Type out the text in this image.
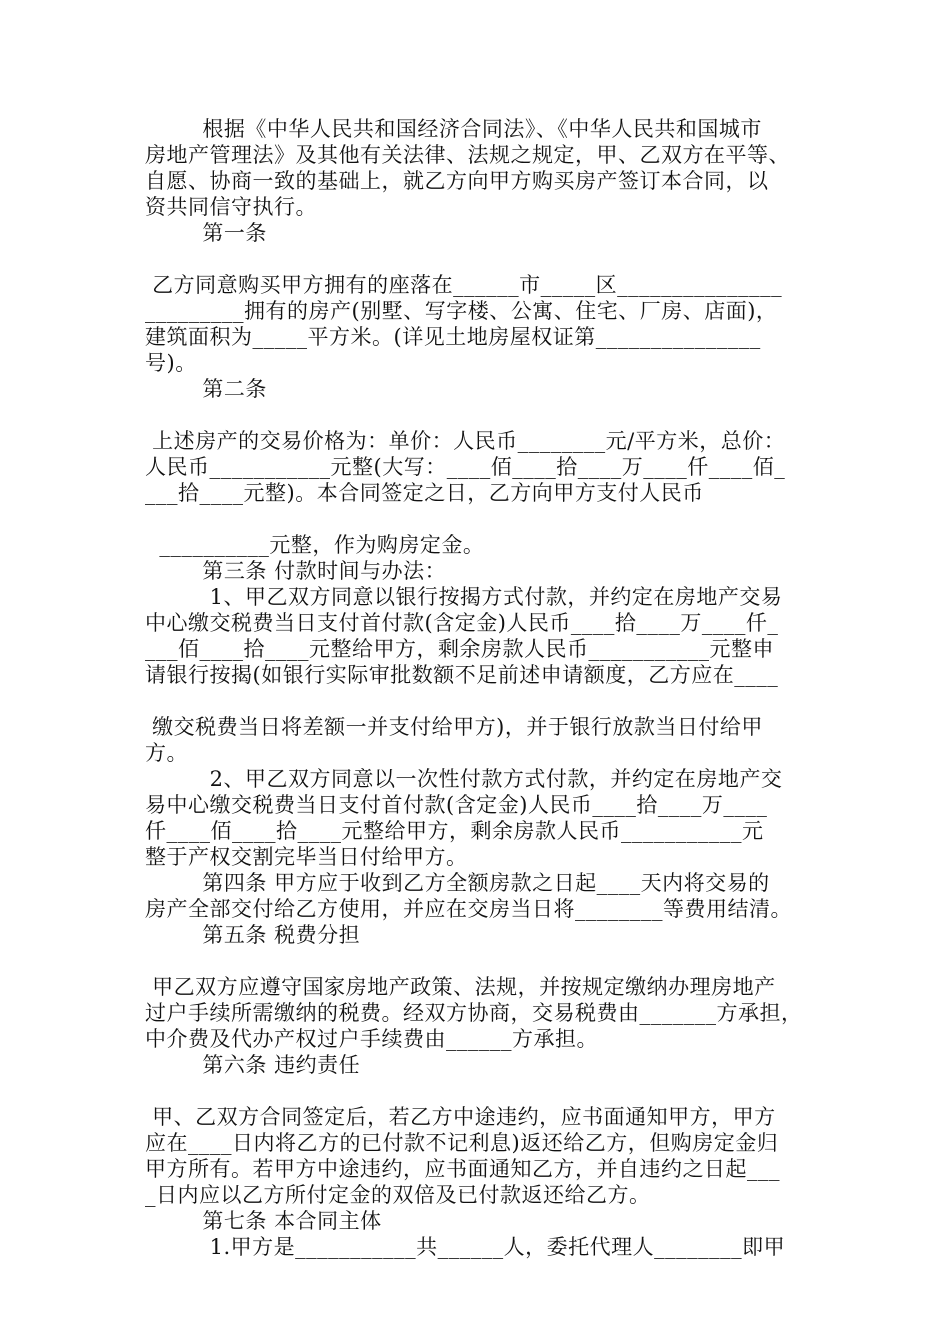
根据《中华人民共和国经济合同法》、《中华人民共和国城市
房地产管理法》及其他有关法律、法规之规定，甲、乙双方在平等、
自愿、协商一致的基础上，就乙方向甲方购买房产签订本合同，以
资共同信守执行。
第一条
乙方同意购买甲方拥有的座落在______市_____区_______________
_________拥有的房产(别墅、写字楼、公寓、住宅、厂房、店面)，
建筑面积为_____平方米。(详见土地房屋权证第_______________
号)。
第二条
上述房产的交易价格为：单价：人民币________元/平方米，总价：
人民币___________元整(大写：____佰____拾____万____仟____佰_
___拾____元整)。本合同签定之日，乙方向甲方支付人民币
__________元整，作为购房定金。
第三条 付款时间与办法：
1、甲乙双方同意以银行按揭方式付款，并约定在房地产交易
中心缴交税费当日支付首付款(含定金)人民币____拾____万____仟_
___佰____拾____元整给甲方，剩余房款人民币___________元整申
请银行按揭(如银行实际审批数额不足前述申请额度，乙方应在____
缴交税费当日将差额一并支付给甲方)，并于银行放款当日付给甲
方。
2、甲乙双方同意以一次性付款方式付款，并约定在房地产交
易中心缴交税费当日支付首付款(含定金)人民币____拾____万____
仟____佰____拾____元整给甲方，剩余房款人民币___________元
整于产权交割完毕当日付给甲方。
第四条 甲方应于收到乙方全额房款之日起____天内将交易的
房产全部交付给乙方使用，并应在交房当日将________等费用结清。
第五条 税费分担
甲乙双方应遵守国家房地产政策、法规，并按规定缴纳办理房地产
过户手续所需缴纳的税费。经双方协商，交易税费由_______方承担，
中介费及代办产权过户手续费由______方承担。
第六条 违约责任
甲、乙双方合同签定后，若乙方中途违约，应书面通知甲方，甲方
应在____日内将乙方的已付款不记利息)返还给乙方，但购房定金归
甲方所有。若甲方中途违约，应书面通知乙方，并自违约之日起___
_日内应以乙方所付定金的双倍及已付款返还给乙方。
第七条 本合同主体
1.甲方是___________共______人，委托代理人________即甲
